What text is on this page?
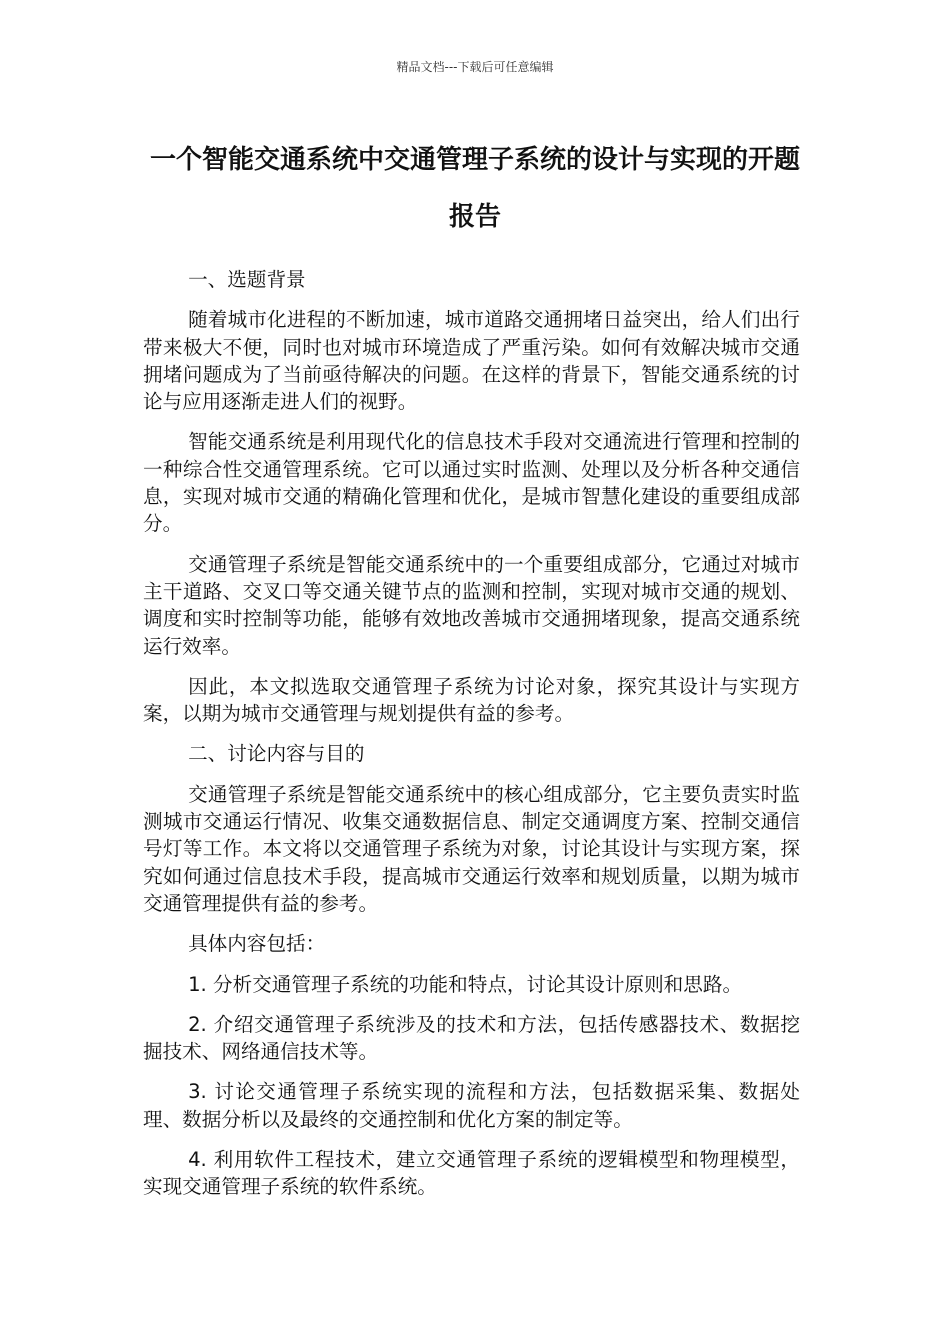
精品文档---下载后可任意编辑
一个智能交通系统中交通管理子系统的设计与实现的开题报告

一、选题背景

随着城市化进程的不断加速，城市道路交通拥堵日益突出，给人们出行带来极大不便，同时也对城市环境造成了严重污染。如何有效解决城市交通拥堵问题成为了当前亟待解决的问题。在这样的背景下，智能交通系统的讨论与应用逐渐走进人们的视野。

智能交通系统是利用现代化的信息技术手段对交通流进行管理和控制的一种综合性交通管理系统。它可以通过实时监测、处理以及分析各种交通信息，实现对城市交通的精确化管理和优化，是城市智慧化建设的重要组成部分。

交通管理子系统是智能交通系统中的一个重要组成部分，它通过对城市主干道路、交叉口等交通关键节点的监测和控制，实现对城市交通的规划、调度和实时控制等功能，能够有效地改善城市交通拥堵现象，提高交通系统运行效率。

因此，本文拟选取交通管理子系统为讨论对象，探究其设计与实现方案，以期为城市交通管理与规划提供有益的参考。

二、讨论内容与目的

交通管理子系统是智能交通系统中的核心组成部分，它主要负责实时监测城市交通运行情况、收集交通数据信息、制定交通调度方案、控制交通信号灯等工作。本文将以交通管理子系统为对象，讨论其设计与实现方案，探究如何通过信息技术手段，提高城市交通运行效率和规划质量，以期为城市交通管理提供有益的参考。

具体内容包括：

1. 分析交通管理子系统的功能和特点，讨论其设计原则和思路。

2. 介绍交通管理子系统涉及的技术和方法，包括传感器技术、数据挖掘技术、网络通信技术等。

3. 讨论交通管理子系统实现的流程和方法，包括数据采集、数据处理、数据分析以及最终的交通控制和优化方案的制定等。

4. 利用软件工程技术，建立交通管理子系统的逻辑模型和物理模型，实现交通管理子系统的软件系统。
